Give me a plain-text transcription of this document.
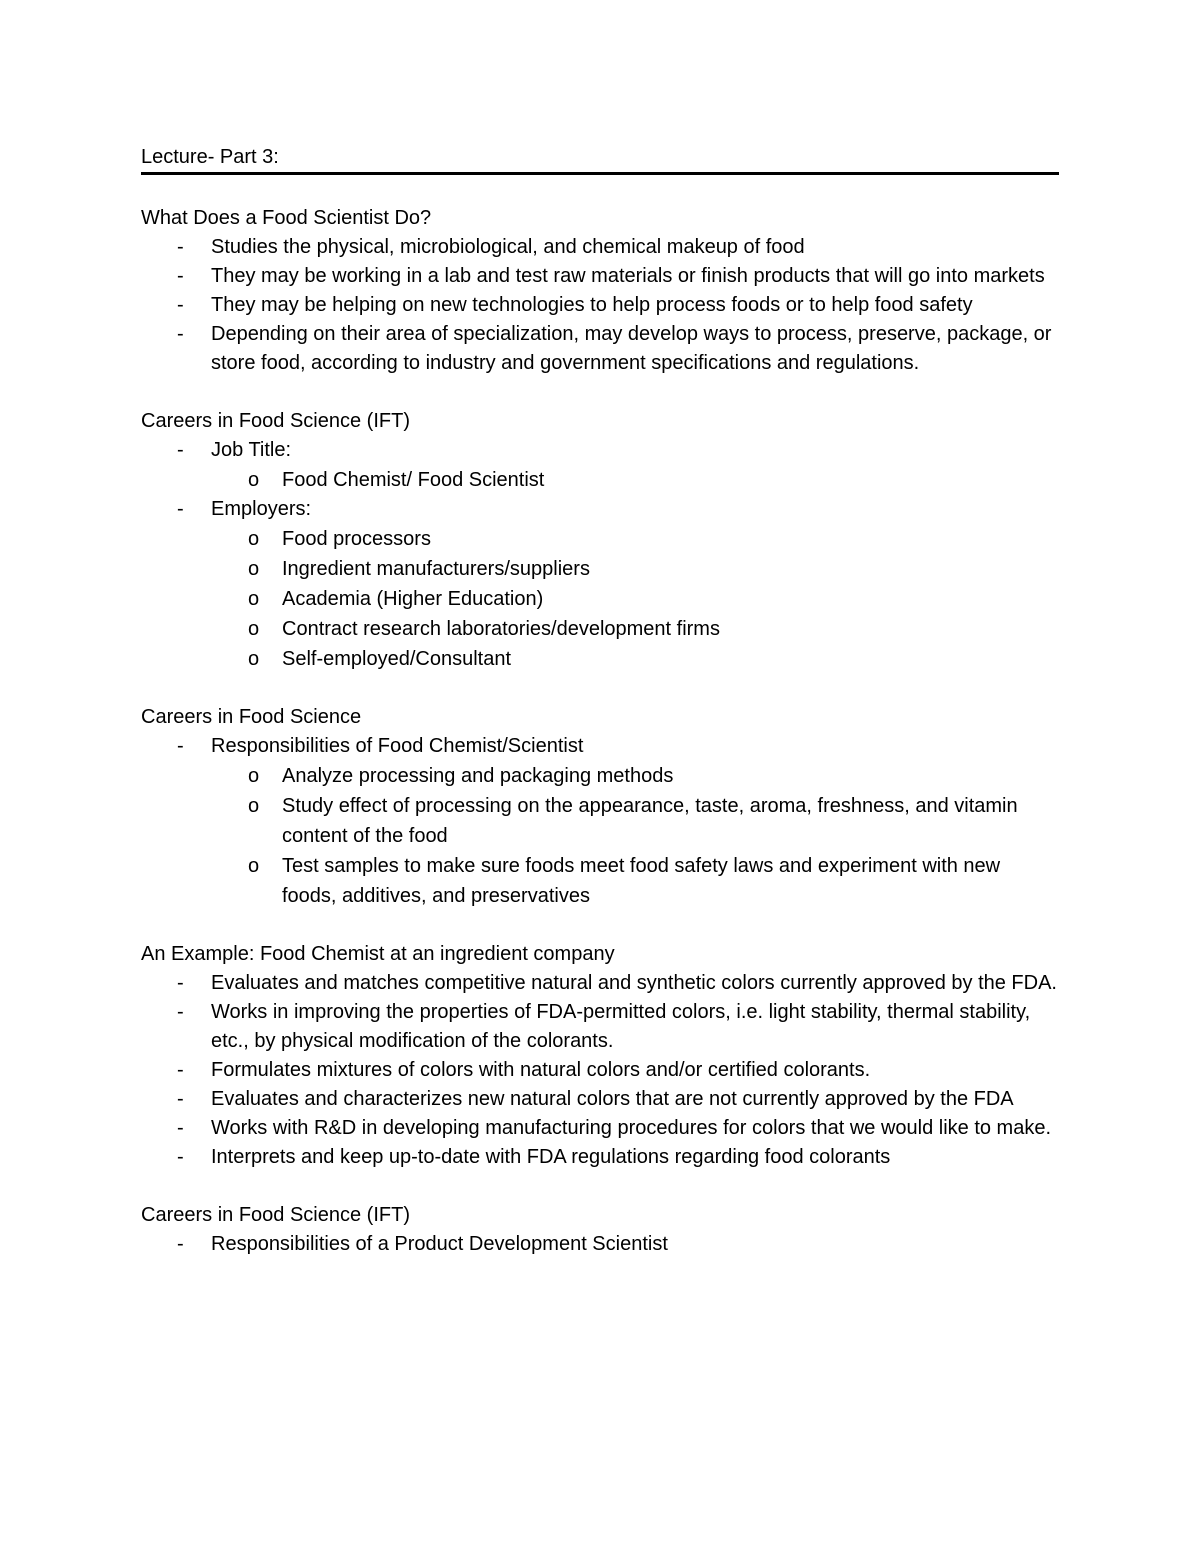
Lecture- Part 3:
What Does a Food Scientist Do?
- Studies the physical, microbiological, and chemical makeup of food
- They may be working in a lab and test raw materials or finish products that will go into markets
- They may be helping on new technologies to help process foods or to help food safety
- Depending on their area of specialization, may develop ways to process, preserve, package, or store food, according to industry and government specifications and regulations.
Careers in Food Science (IFT)
- Job Title:
o Food Chemist/ Food Scientist
- Employers:
o Food processors
o Ingredient manufacturers/suppliers
o Academia (Higher Education)
o Contract research laboratories/development firms
o Self-employed/Consultant
Careers in Food Science
- Responsibilities of Food Chemist/Scientist
o Analyze processing and packaging methods
o Study effect of processing on the appearance, taste, aroma, freshness, and vitamin content of the food
o Test samples to make sure foods meet food safety laws and experiment with new foods, additives, and preservatives
An Example: Food Chemist at an ingredient company
- Evaluates and matches competitive natural and synthetic colors currently approved by the FDA.
- Works in improving the properties of FDA-permitted colors, i.e. light stability, thermal stability, etc., by physical modification of the colorants.
- Formulates mixtures of colors with natural colors and/or certified colorants.
- Evaluates and characterizes new natural colors that are not currently approved by the FDA
- Works with R&D in developing manufacturing procedures for colors that we would like to make.
- Interprets and keep up-to-date with FDA regulations regarding food colorants
Careers in Food Science (IFT)
- Responsibilities of a Product Development Scientist
